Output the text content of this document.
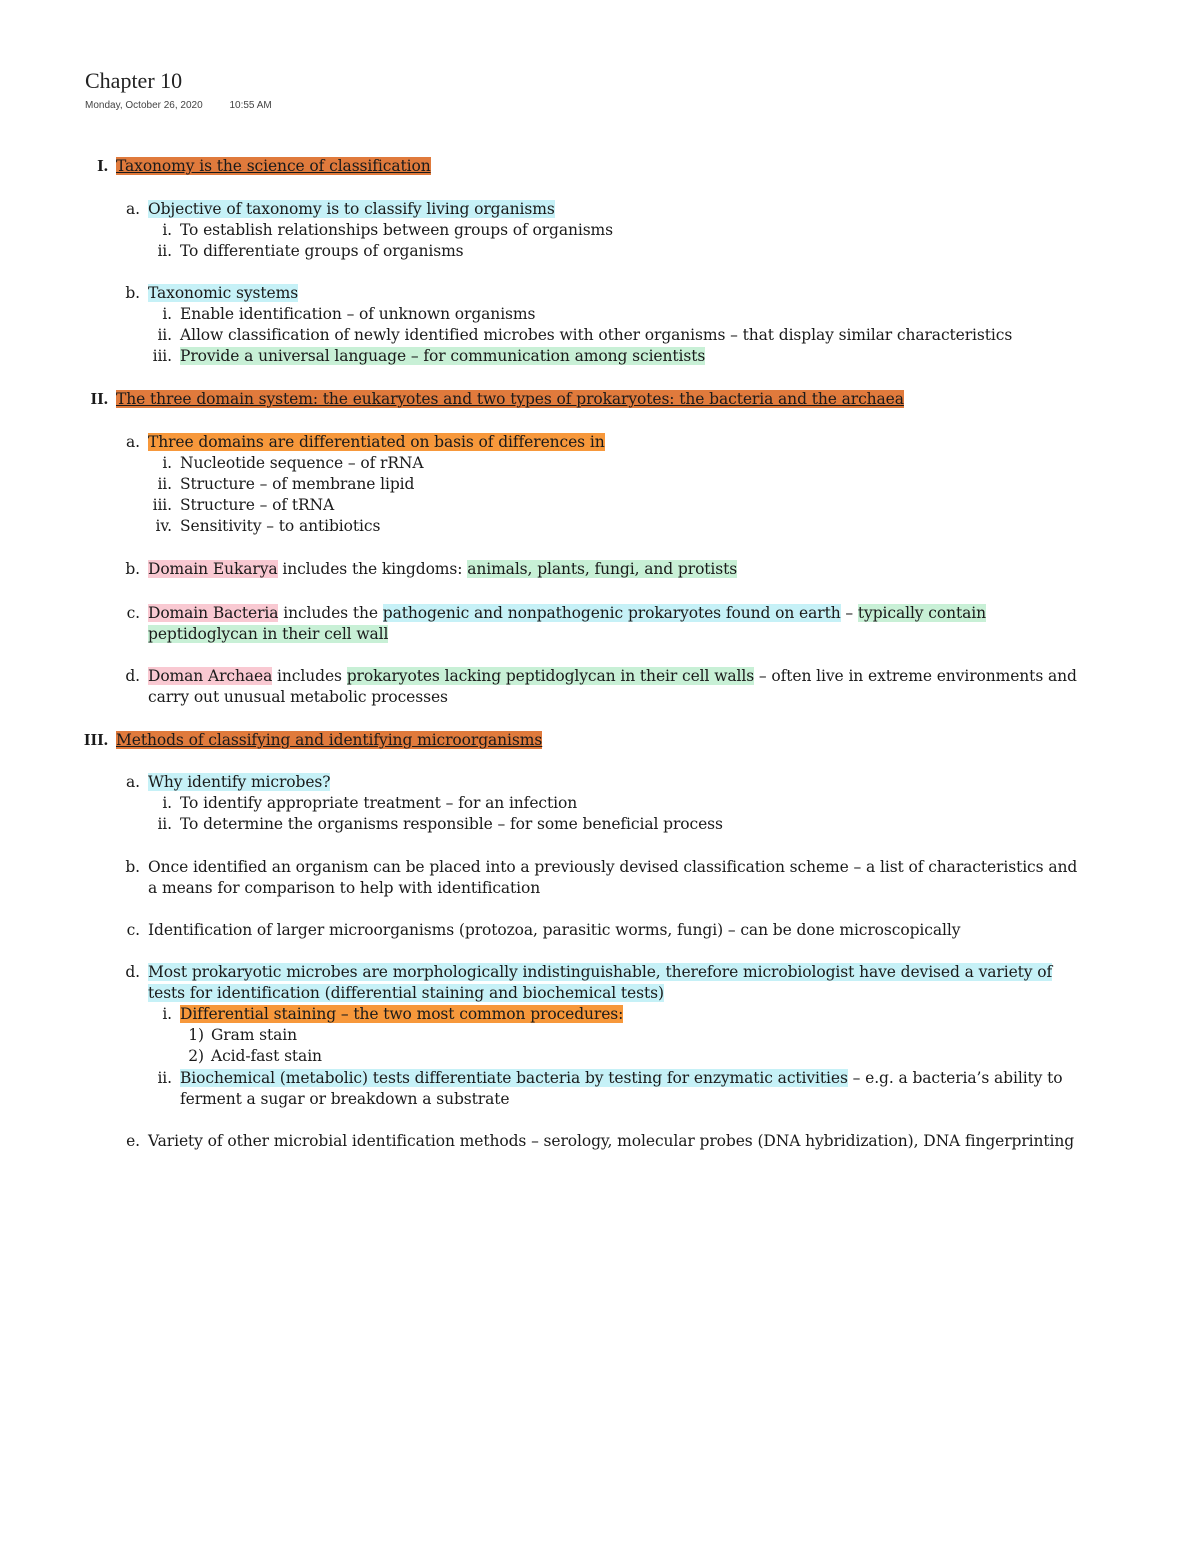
Chapter 10
Monday, October 26, 2020	10:55 AM
I. Taxonomy is the science of classification
a. Objective of taxonomy is to classify living organisms
i. To establish relationships between groups of organisms
ii. To differentiate groups of organisms
b. Taxonomic systems
i. Enable identification – of unknown organisms
ii. Allow classification of newly identified microbes with other organisms – that display similar characteristics
iii. Provide a universal language – for communication among scientists
II. The three domain system: the eukaryotes and two types of prokaryotes: the bacteria and the archaea
a. Three domains are differentiated on basis of differences in
i. Nucleotide sequence – of rRNA
ii. Structure – of membrane lipid
iii. Structure – of tRNA
iv. Sensitivity – to antibiotics
b. Domain Eukarya includes the kingdoms: animals, plants, fungi, and protists
c. Domain Bacteria includes the pathogenic and nonpathogenic prokaryotes found on earth – typically contain
peptidoglycan in their cell wall
d. Doman Archaea includes prokaryotes lacking peptidoglycan in their cell walls – often live in extreme environments and
carry out unusual metabolic processes
III. Methods of classifying and identifying microorganisms
a. Why identify microbes?
i. To identify appropriate treatment – for an infection
ii. To determine the organisms responsible – for some beneficial process
b. Once identified an organism can be placed into a previously devised classification scheme – a list of characteristics and
a means for comparison to help with identification
c. Identification of larger microorganisms (protozoa, parasitic worms, fungi) – can be done microscopically
d. Most prokaryotic microbes are morphologically indistinguishable, therefore microbiologist have devised a variety of
tests for identification (differential staining and biochemical tests)
i. Differential staining – the two most common procedures:
1) Gram stain
2) Acid-fast stain
ii. Biochemical (metabolic) tests differentiate bacteria by testing for enzymatic activities – e.g. a bacteria’s ability to
ferment a sugar or breakdown a substrate
e. Variety of other microbial identification methods – serology, molecular probes (DNA hybridization), DNA fingerprinting
